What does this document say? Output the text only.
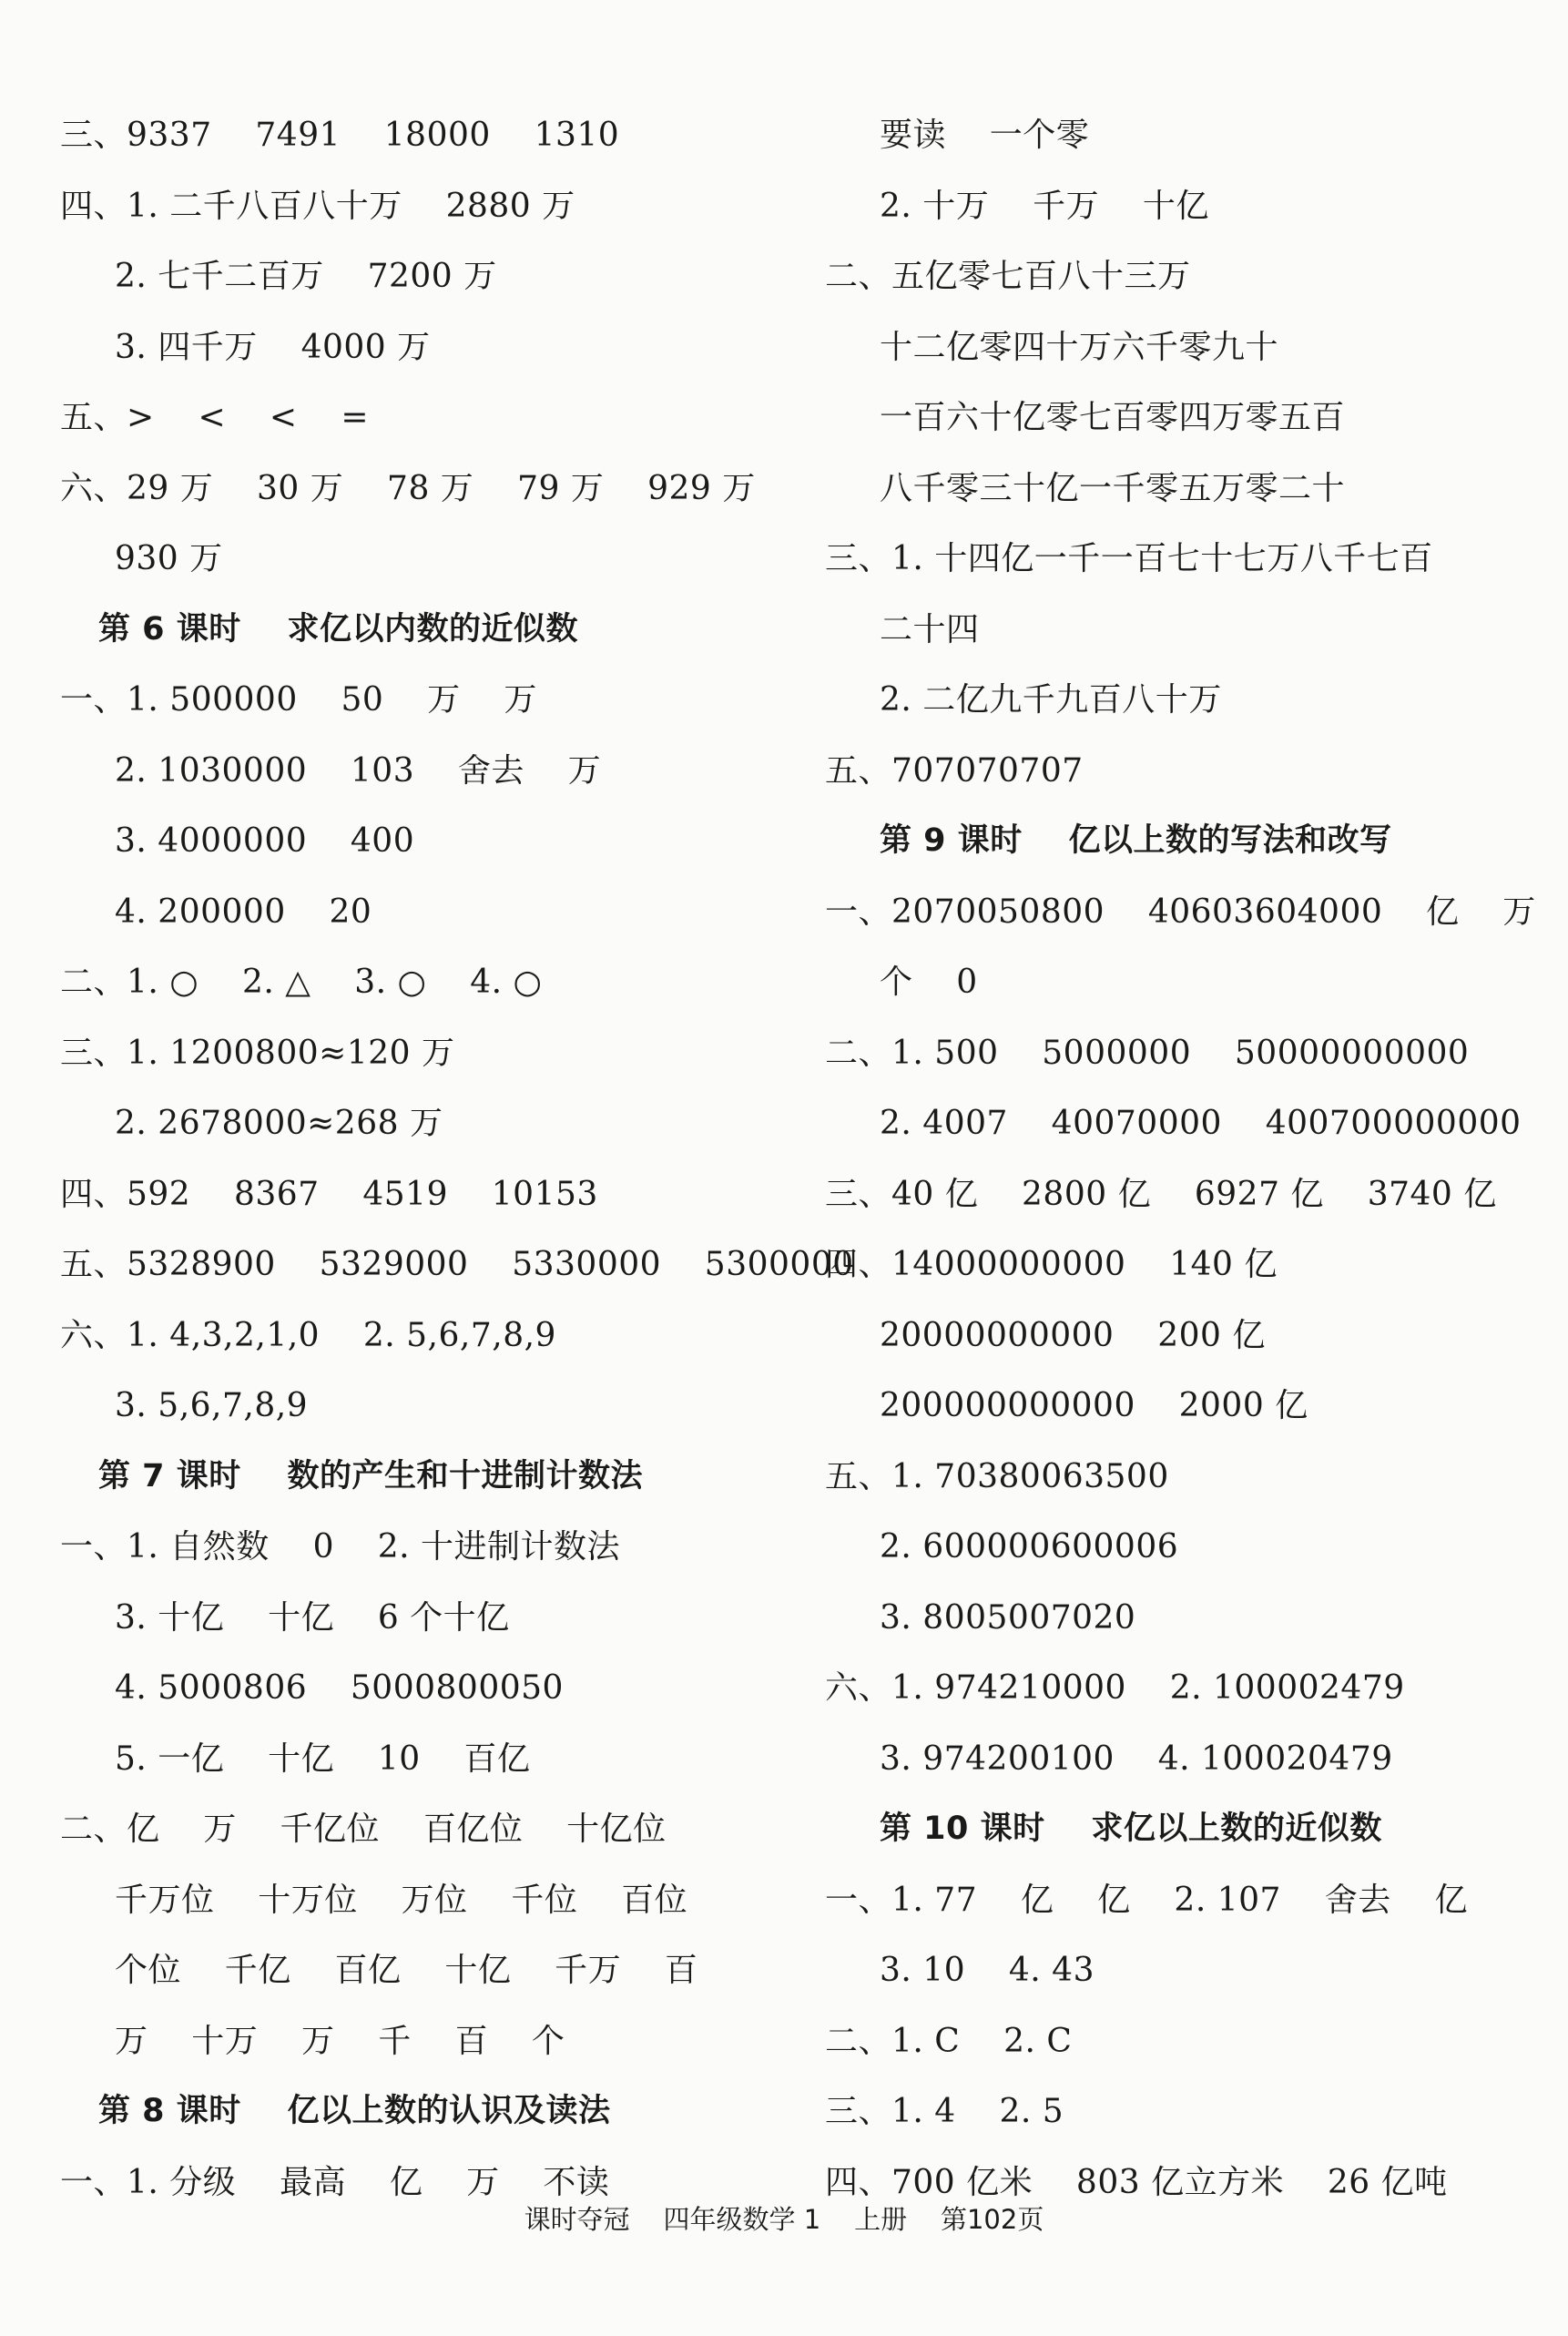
三、9337    7491    18000    1310
四、1. 二千八百八十万    2880 万
2. 七千二百万    7200 万
3. 四千万    4000 万
五、>    <    <    =
六、29 万    30 万    78 万    79 万    929 万
930 万
第 6 课时    求亿以内数的近似数
一、1. 500000    50    万    万
2. 1030000    103    舍去    万
3. 4000000    400
4. 200000    20
二、1. ○    2. △    3. ○    4. ○
三、1. 1200800≈120 万
2. 2678000≈268 万
四、592    8367    4519    10153
五、5328900    5329000    5330000    5300000
六、1. 4,3,2,1,0    2. 5,6,7,8,9
3. 5,6,7,8,9
第 7 课时    数的产生和十进制计数法
一、1. 自然数    0    2. 十进制计数法
3. 十亿    十亿    6 个十亿
4. 5000806    5000800050
5. 一亿    十亿    10    百亿
二、亿    万    千亿位    百亿位    十亿位
千万位    十万位    万位    千位    百位
个位    千亿    百亿    十亿    千万    百
万    十万    万    千    百    个
第 8 课时    亿以上数的认识及读法
一、1. 分级    最高    亿    万    不读
要读    一个零
2. 十万    千万    十亿
二、五亿零七百八十三万
十二亿零四十万六千零九十
一百六十亿零七百零四万零五百
八千零三十亿一千零五万零二十
三、1. 十四亿一千一百七十七万八千七百
二十四
2. 二亿九千九百八十万
五、707070707
第 9 课时    亿以上数的写法和改写
一、2070050800    40603604000    亿    万
个    0
二、1. 500    5000000    50000000000
2. 4007    40070000    400700000000
三、40 亿    2800 亿    6927 亿    3740 亿
四、14000000000    140 亿
20000000000    200 亿
200000000000    2000 亿
五、1. 70380063500
2. 600000600006
3. 8005007020
六、1. 974210000    2. 100002479
3. 974200100    4. 100020479
第 10 课时    求亿以上数的近似数
一、1. 77    亿    亿    2. 107    舍去    亿
3. 10    4. 43
二、1. C    2. C
三、1. 4    2. 5
四、700 亿米    803 亿立方米    26 亿吨
课时夺冠    四年级数学 1    上册    第102页
